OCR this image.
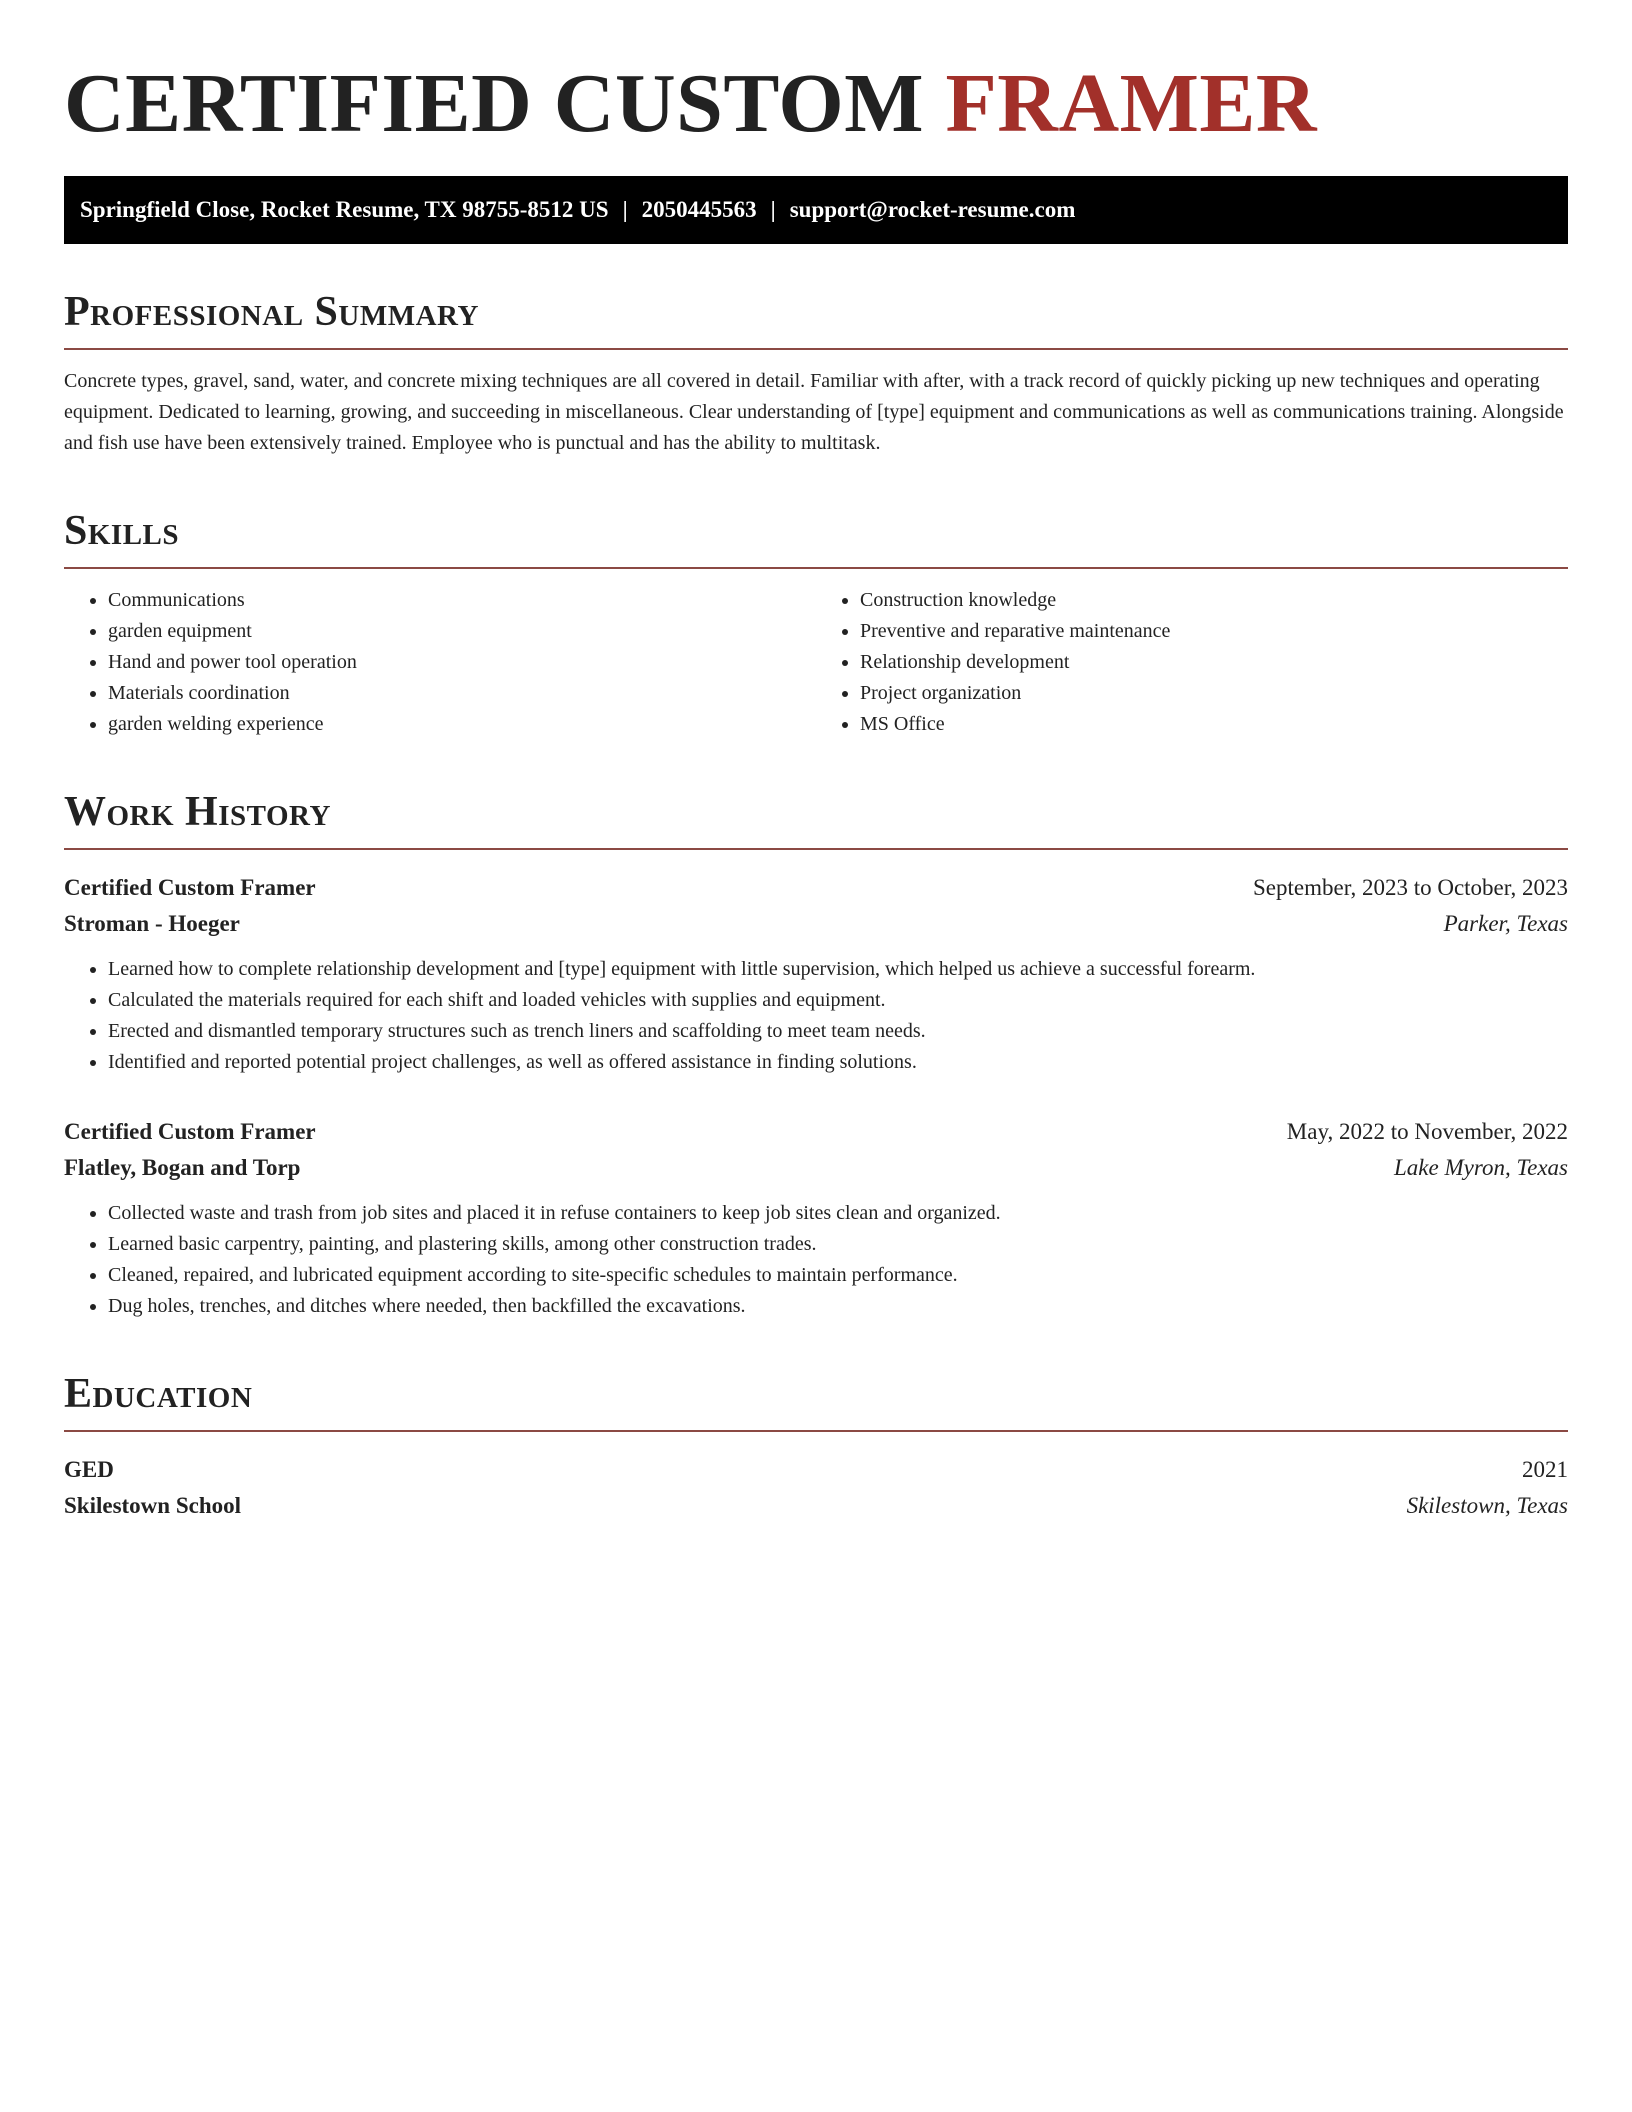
CERTIFIED CUSTOM FRAMER
Springfield Close, Rocket Resume, TX 98755-8512 US | 2050445563 | support@rocket-resume.com
Professional Summary

Concrete types, gravel, sand, water, and concrete mixing techniques are all covered in detail. Familiar with after, with a track record of quickly picking up new techniques and operating equipment. Dedicated to learning, growing, and succeeding in miscellaneous. Clear understanding of [type] equipment and communications as well as communications training. Alongside and fish use have been extensively trained. Employee who is punctual and has the ability to multitask.

Skills
• Communications
• garden equipment
• Hand and power tool operation
• Materials coordination
• garden welding experience
• Construction knowledge
• Preventive and reparative maintenance
• Relationship development
• Project organization
• MS Office
Work History
Certified Custom Framer	September, 2023 to October, 2023
Stroman - Hoeger	Parker, Texas
• Learned how to complete relationship development and [type] equipment with little supervision, which helped us achieve a successful forearm.
• Calculated the materials required for each shift and loaded vehicles with supplies and equipment.
• Erected and dismantled temporary structures such as trench liners and scaffolding to meet team needs.
• Identified and reported potential project challenges, as well as offered assistance in finding solutions.
Certified Custom Framer	May, 2022 to November, 2022
Flatley, Bogan and Torp	Lake Myron, Texas
• Collected waste and trash from job sites and placed it in refuse containers to keep job sites clean and organized.
• Learned basic carpentry, painting, and plastering skills, among other construction trades.
• Cleaned, repaired, and lubricated equipment according to site-specific schedules to maintain performance.
• Dug holes, trenches, and ditches where needed, then backfilled the excavations.
Education
GED	2021
Skilestown School	Skilestown, Texas
